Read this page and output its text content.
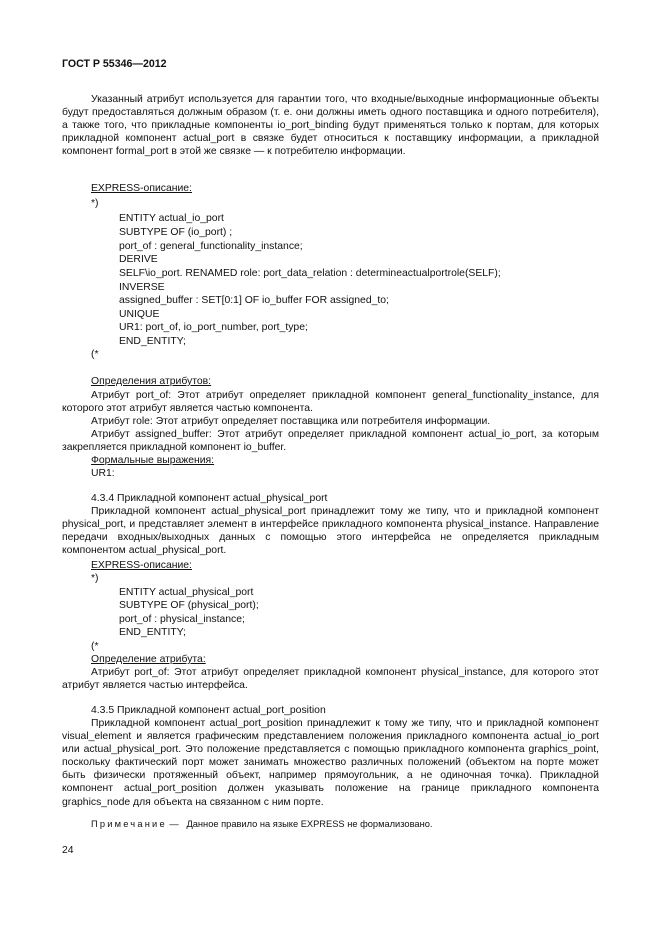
ГОСТ Р 55346—2012

Указанный атрибут используется для гарантии того, что входные/выходные информационные объекты будут предоставляться должным образом (т. е. они должны иметь одного поставщика и одного потребителя), а также того, что прикладные компоненты io_port_binding будут применяться только к портам, для которых прикладной компонент actual_port в связке будет относиться к поставщику информации, а прикладной компонент formal_port в этой же связке — к потребителю информации.

EXPRESS-описание:
*)
ENTITY actual_io_port
SUBTYPE OF (io_port) ;
port_of : general_functionality_instance;
DERIVE
SELF\io_port. RENAMED role: port_data_relation : determineactualportrole(SELF);
INVERSE
assigned_buffer : SET[0:1] OF io_buffer FOR assigned_to;
UNIQUE
UR1: port_of, io_port_number, port_type;
END_ENTITY;
(*
Определения атрибутов:

Атрибут port_of: Этот атрибут определяет прикладной компонент general_functionality_instance, для которого этот атрибут является частью компонента.

Атрибут role: Этот атрибут определяет поставщика или потребителя информации.

Атрибут assigned_buffer: Этот атрибут определяет прикладной компонент actual_io_port, за которым закрепляется прикладной компонент io_buffer.

Формальные выражения:
UR1:
4.3.4 Прикладной компонент actual_physical_port

Прикладной компонент actual_physical_port принадлежит тому же типу, что и прикладной компонент physical_port, и представляет элемент в интерфейсе прикладного компонента physical_instance. Направление передачи входных/выходных данных с помощью этого интерфейса не определяется прикладным компонентом actual_physical_port.

EXPRESS-описание:
*)
ENTITY actual_physical_port
SUBTYPE OF (physical_port);
port_of : physical_instance;
END_ENTITY;
(*
Определение атрибута:

Атрибут port_of: Этот атрибут определяет прикладной компонент physical_instance, для которого этот атрибут является частью интерфейса.

4.3.5 Прикладной компонент actual_port_position

Прикладной компонент actual_port_position принадлежит к тому же типу, что и прикладной компонент visual_element и является графическим представлением положения прикладного компонента actual_io_port или actual_physical_port. Это положение представляется с помощью прикладного компонента graphics_point, поскольку фактический порт может занимать множество различных положений (объектом на порте может быть физически протяженный объект, например прямоугольник, а не одиночная точка). Прикладной компонент actual_port_position должен указывать положение на границе прикладного компонента graphics_node для объекта на связанном с ним порте.

Примечание — Данное правило на языке EXPRESS не формализовано.
24
